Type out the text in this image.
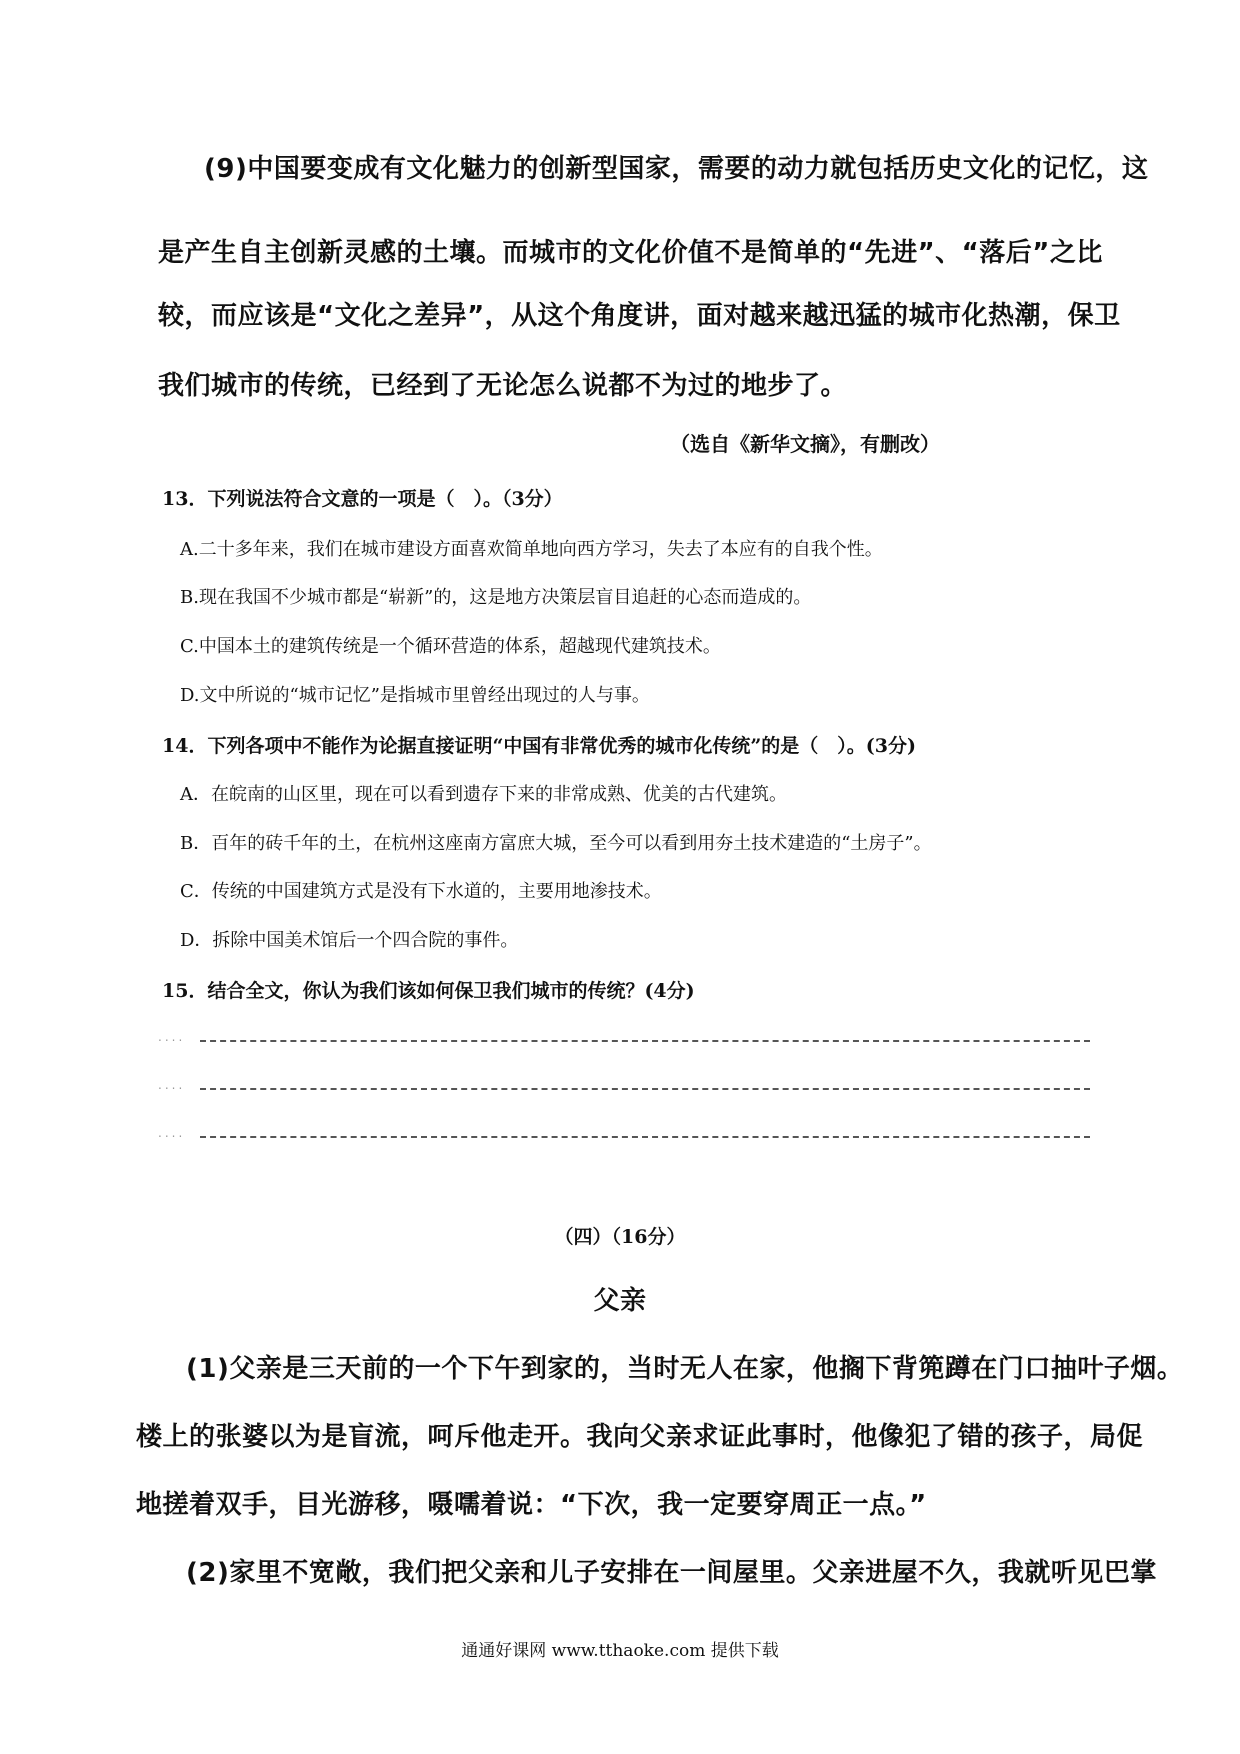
(9)中国要变成有文化魅力的创新型国家，需要的动力就包括历史文化的记忆，这
是产生自主创新灵感的土壤。而城市的文化价值不是简单的“先进”、“落后”之比
较，而应该是“文化之差异”，从这个角度讲，面对越来越迅猛的城市化热潮，保卫
我们城市的传统，已经到了无论怎么说都不为过的地步了。
（选自《新华文摘》，有删改）
13．下列说法符合文意的一项是（　）。（3分）
A.二十多年来，我们在城市建设方面喜欢简单地向西方学习，失去了本应有的自我个性。
B.现在我国不少城市都是“崭新”的，这是地方决策层盲目追赶的心态而造成的。
C.中国本土的建筑传统是一个循环营造的体系，超越现代建筑技术。
D.文中所说的“城市记忆”是指城市里曾经出现过的人与事。
14．下列各项中不能作为论据直接证明“中国有非常优秀的城市化传统”的是（　）。(3分)
A．在皖南的山区里，现在可以看到遗存下来的非常成熟、优美的古代建筑。
B．百年的砖千年的土，在杭州这座南方富庶大城，至今可以看到用夯土技术建造的“土房子”。
C．传统的中国建筑方式是没有下水道的，主要用地渗技术。
D．拆除中国美术馆后一个四合院的事件。
15．结合全文，你认为我们该如何保卫我们城市的传统？(4分)
....
....
....
（四）（16分）
父亲
(1)父亲是三天前的一个下午到家的，当时无人在家，他搁下背篼蹲在门口抽叶子烟。
楼上的张婆以为是盲流，呵斥他走开。我向父亲求证此事时，他像犯了错的孩子，局促
地搓着双手，目光游移，嗫嚅着说：“下次，我一定要穿周正一点。”
(2)家里不宽敞，我们把父亲和儿子安排在一间屋里。父亲进屋不久，我就听见巴掌
通通好课网 www.tthaoke.com 提供下载
